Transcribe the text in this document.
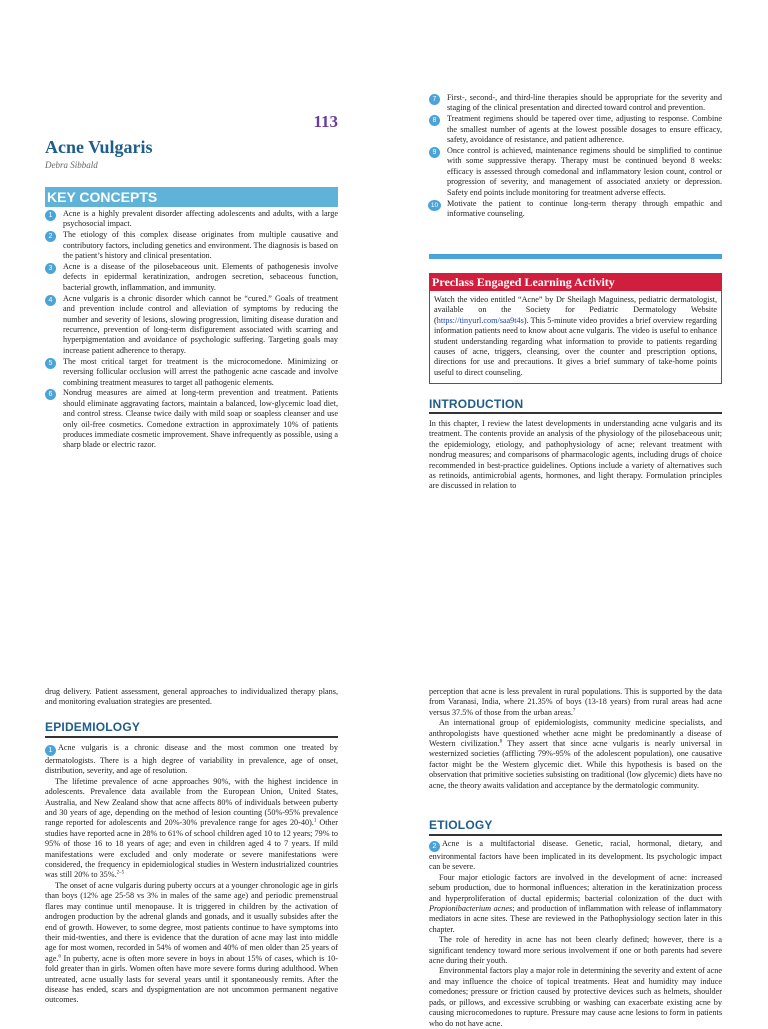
113
Acne Vulgaris
Debra Sibbald
KEY CONCEPTS
1	Acne is a highly prevalent disorder affecting adolescents and adults, with a large psychosocial impact.
2	The etiology of this complex disease originates from multiple causative and contributory factors, including genetics and environment. The diagnosis is based on the patient’s history and clinical presentation.
3	Acne is a disease of the pilosebaceous unit. Elements of pathogenesis involve defects in epidermal keratinization, androgen secretion, sebaceous function, bacterial growth, inflammation, and immunity.
4	Acne vulgaris is a chronic disorder which cannot be “cured.” Goals of treatment and prevention include control and alleviation of symptoms by reducing the number and severity of lesions, slowing progression, limiting disease duration and recurrence, prevention of long-term disfigurement associated with scarring and hyperpigmentation and avoidance of psychologic suffering. Targeting goals may increase patient adherence to therapy.
5	The most critical target for treatment is the microcomedone. Minimizing or reversing follicular occlusion will arrest the pathogenic acne cascade and involve combining treatment measures to target all pathogenic elements.
6	Nondrug measures are aimed at long-term prevention and treatment. Patients should eliminate aggravating factors, maintain a balanced, low-glycemic load diet, and control stress. Cleanse twice daily with mild soap or soapless cleanser and use only oil-free cosmetics. Comedone extraction in approximately 10% of patients produces immediate cosmetic improvement. Shave infrequently as possible, using a sharp blade or electric razor.
7	First-, second-, and third-line therapies should be appropriate for the severity and staging of the clinical presentation and directed toward control and prevention.
8	Treatment regimens should be tapered over time, adjusting to response. Combine the smallest number of agents at the lowest possible dosages to ensure efficacy, safety, avoidance of resistance, and patient adherence.
9	Once control is achieved, maintenance regimens should be simplified to continue with some suppressive therapy. Therapy must be continued beyond 8 weeks: efficacy is assessed through comedonal and inflammatory lesion count, control or progression of severity, and management of associated anxiety or depression. Safety end points include monitoring for treatment adverse effects.
10	Motivate the patient to continue long-term therapy through empathic and informative counseling.
Preclass Engaged Learning Activity
Watch the video entitled “Acne” by Dr Sheilagh Maguiness, pediatric dermatologist, available on the Society for Pediatric Dermatology Website (https://tinyurl.com/saa9t4s). This 5-minute video provides a brief overview regarding information patients need to know about acne vulgaris. The video is useful to enhance student understanding regarding what information to provide to patients regarding causes of acne, triggers, cleansing, over the counter and prescription options, directions for use and precautions. It gives a brief summary of take-home points useful to direct counseling.
INTRODUCTION

In this chapter, I review the latest developments in understanding acne vulgaris and its treatment. The contents provide an analysis of the physiology of the pilosebaceous unit; the epidemiology, etiology, and pathophysiology of acne; relevant treatment with nondrug measures; and comparisons of pharmacologic agents, including drugs of choice recommended in best-practice guidelines. Options include a variety of alternatives such as retinoids, antimicrobial agents, hormones, and light therapy. Formulation principles are discussed in relation to

drug delivery. Patient assessment, general approaches to individualized therapy plans, and monitoring evaluation strategies are presented.

EPIDEMIOLOGY

1 Acne vulgaris is a chronic disease and the most common one treated by dermatologists. There is a high degree of variability in prevalence, age of onset, distribution, severity, and age of resolution.

The lifetime prevalence of acne approaches 90%, with the highest incidence in adolescents. Prevalence data available from the European Union, United States, Australia, and New Zealand show that acne affects 80% of individuals between puberty and 30 years of age, depending on the method of lesion counting (50%-95% prevalence range reported for adolescents and 20%-30% prevalence range for ages 20-40).$^1$ Other studies have reported acne in 28% to 61% of school children aged 10 to 12 years; 79% to 95% of those 16 to 18 years of age; and even in children aged 4 to 7 years. If mild manifestations were excluded and only moderate or severe manifestations were considered, the frequency in epidemiological studies in Western industrialized countries was still 20% to 35%.$^{2-5}$

The onset of acne vulgaris during puberty occurs at a younger chronologic age in girls than boys (12% age 25-58 vs 3% in males of the same age) and periodic premenstrual flares may continue until menopause. It is triggered in children by the activation of androgen production by the adrenal glands and gonads, and it usually subsides after the end of growth. However, to some degree, most patients continue to have symptoms into their mid-twenties, and there is evidence that the duration of acne may last into middle age for most women, recorded in 54% of women and 40% of men older than 25 years of age.$^6$ In puberty, acne is often more severe in boys in about 15% of cases, which is 10-fold greater than in girls. Women often have more severe forms during adulthood. When untreated, acne usually lasts for several years until it spontaneously remits. After the disease has ended, scars and dyspigmentation are not uncommon permanent negative outcomes.

perception that acne is less prevalent in rural populations. This is supported by the data from Varanasi, India, where 21.35% of boys (13-18 years) from rural areas had acne versus 37.5% of those from the urban areas.$^7$

An international group of epidemiologists, community medicine specialists, and anthropologists have questioned whether acne might be predominantly a disease of Western civilization.$^8$ They assert that since acne vulgaris is nearly universal in westernized societies (afflicting 79%-95% of the adolescent population), one causative factor might be the Western glycemic diet. While this hypothesis is based on the observation that primitive societies subsisting on traditional (low glycemic) diets have no acne, the theory awaits validation and acceptance by the dermatologic community.

ETIOLOGY

2 Acne is a multifactorial disease. Genetic, racial, hormonal, dietary, and environmental factors have been implicated in its development. Its psychologic impact can be severe.

Four major etiologic factors are involved in the development of acne: increased sebum production, due to hormonal influences; alteration in the keratinization process and hyperproliferation of ductal epidermis; bacterial colonization of the duct with Propionibacterium acnes; and production of inflammation with release of inflammatory mediators in acne sites. These are reviewed in the Pathophysiology section later in this chapter.

The role of heredity in acne has not been clearly defined; however, there is a significant tendency toward more serious involvement if one or both parents had severe acne during their youth.

Environmental factors play a major role in determining the severity and extent of acne and may influence the choice of topical treatments. Heat and humidity may induce comedones; pressure or friction caused by protective devices such as helmets, shoulder pads, or pillows, and excessive scrubbing or washing can exacerbate existing acne by causing microcomedones to rupture. Pressure may cause acne lesions to form in patients who do not have acne.
